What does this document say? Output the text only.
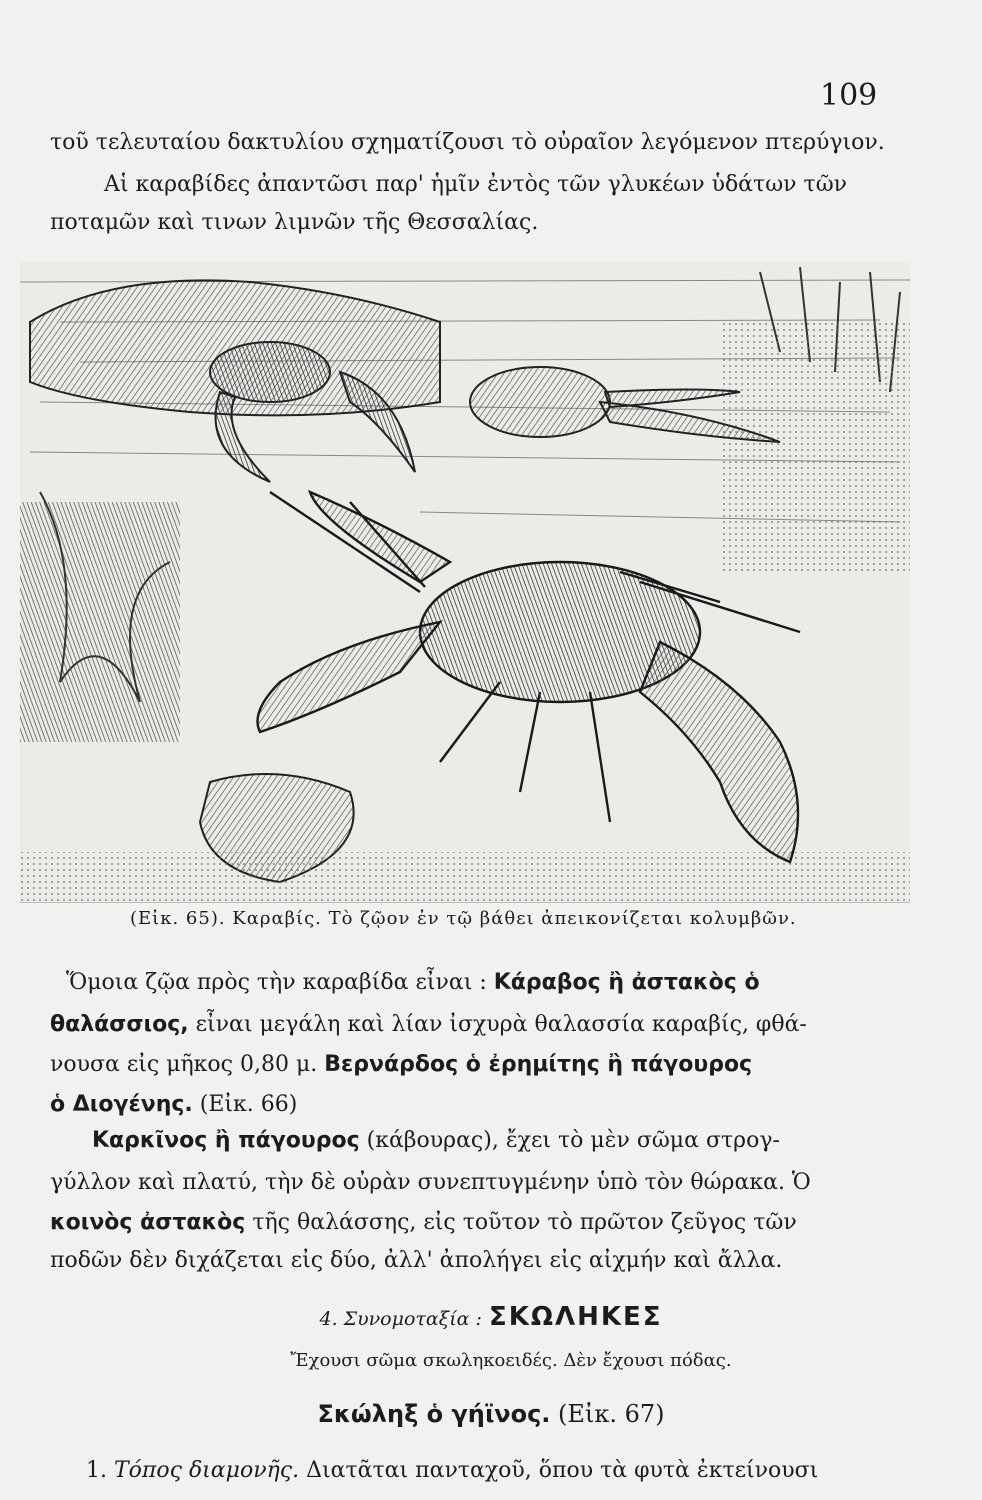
109
τοῦ τελευταίου δακτυλίου σχηματίζουσι τὸ οὐραῖον λεγόμενον πτερύγιον.
Αἱ καραβίδες ἀπαντῶσι παρ' ἡμῖν ἐντὸς τῶν γλυκέων ὑδάτων τῶν
ποταμῶν καὶ τινων λιμνῶν τῆς Θεσσαλίας.
(Εἰκ. 65). Καραβίς. Τὸ ζῷον ἐν τῷ βάθει ἀπεικονίζεται κολυμβῶν.
Ὅμοια ζῷα πρὸς τὴν καραβίδα εἶναι : Κάραβος ἢ ἀστακὸς ὁ
θαλάσσιος, εἶναι μεγάλη καὶ λίαν ἰσχυρὰ θαλασσία καραβίς, φθά-
νουσα εἰς μῆκος 0,80 μ. Βερνάρδος ὁ ἐρημίτης ἢ πάγουρος
ὁ Διογένης. (Εἰκ. 66)
Καρκῖνος ἢ πάγουρος (κάβουρας), ἔχει τὸ μὲν σῶμα στρογ-
γύλλον καὶ πλατύ, τὴν δὲ οὐρὰν συνεπτυγμένην ὑπὸ τὸν θώρακα. Ὁ
κοινὸς ἀστακὸς τῆς θαλάσσης, εἰς τοῦτον τὸ πρῶτον ζεῦγος τῶν
ποδῶν δὲν διχάζεται εἰς δύο, ἀλλ' ἀπολήγει εἰς αἰχμήν καὶ ἄλλα.
4. Συνομοταξία : ΣΚΩΛΗΚΕΣ
Ἔχουσι σῶμα σκωληκοειδές. Δὲν ἔχουσι πόδας.
Σκώληξ ὁ γήϊνος. (Εἰκ. 67)
1. Τόπος διαμονῆς. Διατᾶται πανταχοῦ, ὅπου τὰ φυτὰ ἐκτείνουσι
